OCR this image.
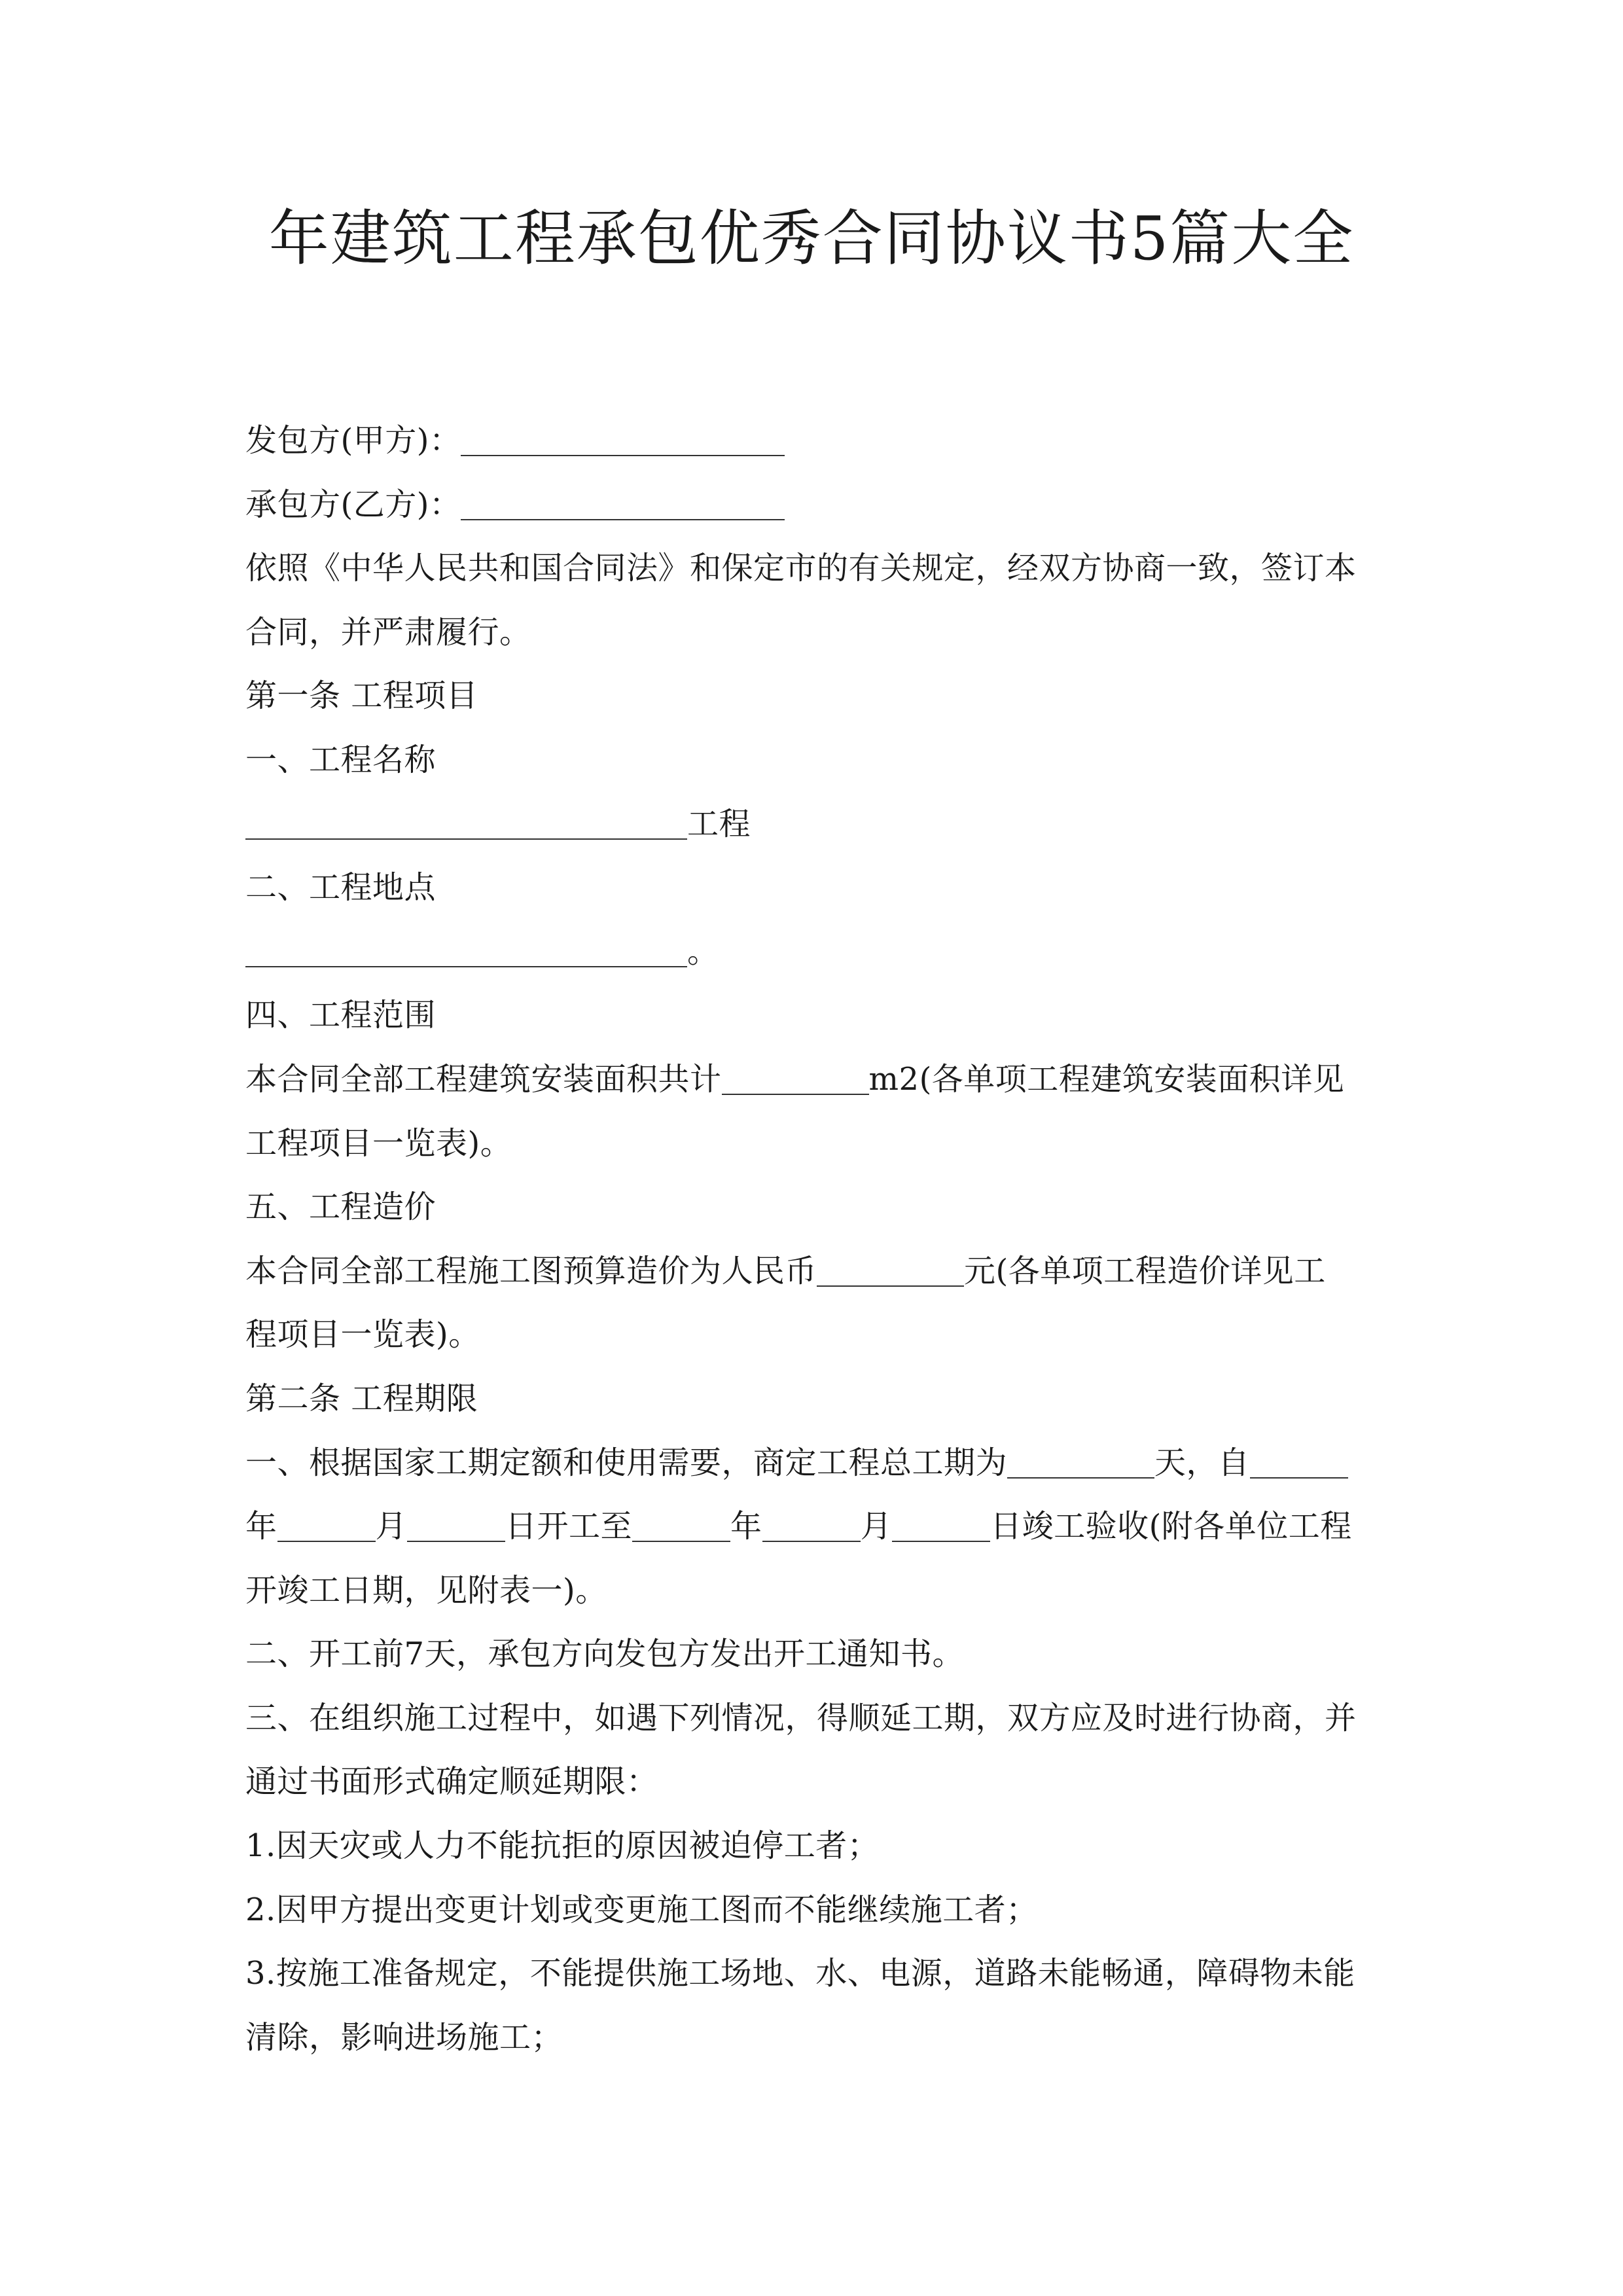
年建筑工程承包优秀合同协议书5篇大全

发包方(甲方)：

承包方(乙方)：

依照《中华人民共和国合同法》和保定市的有关规定，经双方协商一致，签订本

合同，并严肃履行。

第一条 工程项目

一、工程名称

工程

二、工程地点

。

四、工程范围

本合同全部工程建筑安装面积共计	m2(各单项工程建筑安装面积详见

工程项目一览表)。

五、工程造价

本合同全部工程施工图预算造价为人民币	元(各单项工程造价详见工

程项目一览表)。

第二条 工程期限

一、根据国家工期定额和使用需要，商定工程总工期为	天，自

年	月	日开工至	年	月	日竣工验收(附各单位工程

开竣工日期，见附表一)。

二、开工前7天，承包方向发包方发出开工通知书。

三、在组织施工过程中，如遇下列情况，得顺延工期，双方应及时进行协商，并

通过书面形式确定顺延期限：

1.因天灾或人力不能抗拒的原因被迫停工者；

2.因甲方提出变更计划或变更施工图而不能继续施工者；

3.按施工准备规定，不能提供施工场地、水、电源，道路未能畅通，障碍物未能

清除，影响进场施工；
